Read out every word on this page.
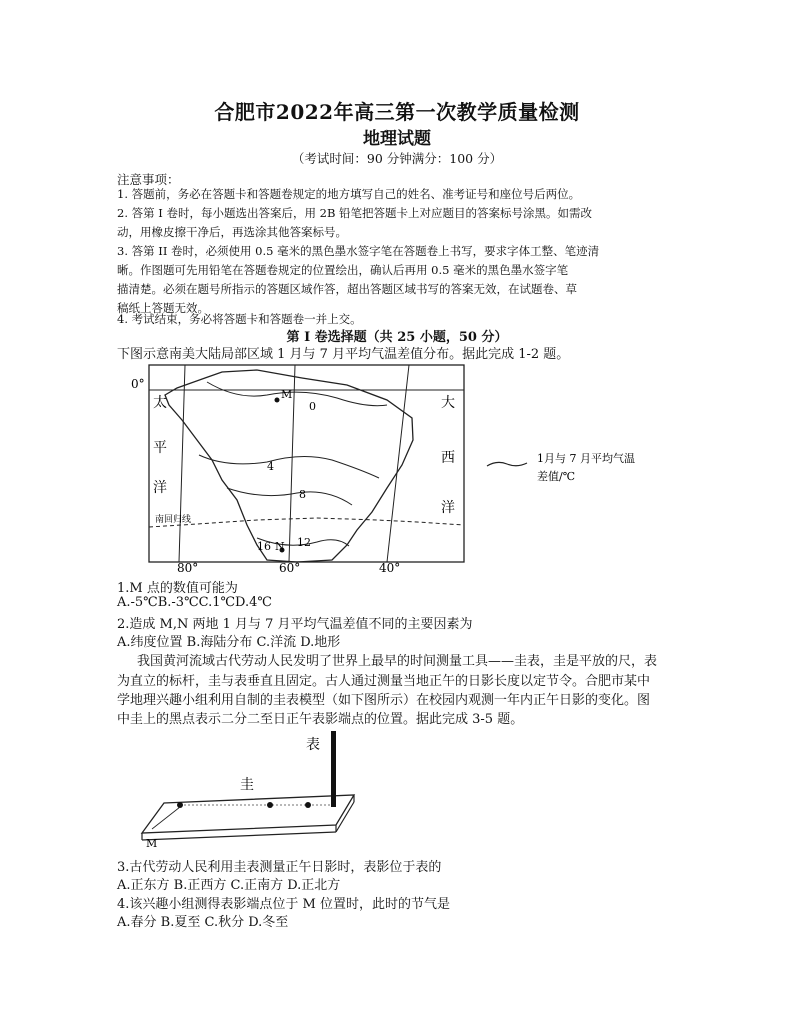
合肥市2022年高三第一次教学质量检测
地理试题
（考试时间：90 分钟满分：100 分）
注意事项：
1. 答题前，务必在答题卡和答题卷规定的地方填写自己的姓名、准考证号和座位号后两位。
2. 答第 I 卷时，每小题选出答案后，用 2B 铅笔把答题卡上对应题目的答案标号涂黑。如需改
动，用橡皮擦干净后，再选涂其他答案标号。
3. 答第 II 卷时，必须使用 0.5 毫米的黑色墨水签字笔在答题卷上书写，要求字体工整、笔迹清
晰。作图题可先用铅笔在答题卷规定的位置绘出，确认后再用 0.5 毫米的黑色墨水签字笔
描清楚。必须在题号所指示的答题区域作答，超出答题区域书写的答案无效，在试题卷、草
稿纸上答题无效。
4. 考试结束，务必将答题卡和答题卷一并上交。
第 I 卷选择题（共 25 小题，50 分）
下图示意南美大陆局部区域 1 月与 7 月平均气温差值分布。据此完成 1-2 题。
0°
80°	60°	40°
太
平
洋
大
西
洋
0
4
8
12
16
M
N
南回归线
1月与 7 月平均气温
差值/℃
1.M 点的数值可能为
A.-5℃B.-3℃C.1℃D.4℃
2.造成 M,N 两地 1 月与 7 月平均气温差值不同的主要因素为
A.纬度位置 B.海陆分布 C.洋流 D.地形
我国黄河流域古代劳动人民发明了世界上最早的时间测量工具——圭表，圭是平放的尺，表
为直立的标杆，圭与表垂直且固定。古人通过测量当地正午的日影长度以定节令。合肥市某中
学地理兴趣小组利用自制的圭表模型（如下图所示）在校园内观测一年内正午日影的变化。图
中圭上的黑点表示二分二至日正午表影端点的位置。据此完成 3-5 题。
表
圭
M
3.古代劳动人民利用圭表测量正午日影时，表影位于表的
A.正东方 B.正西方 C.正南方 D.正北方
4.该兴趣小组测得表影端点位于 M 位置时，此时的节气是
A.春分 B.夏至 C.秋分 D.冬至
